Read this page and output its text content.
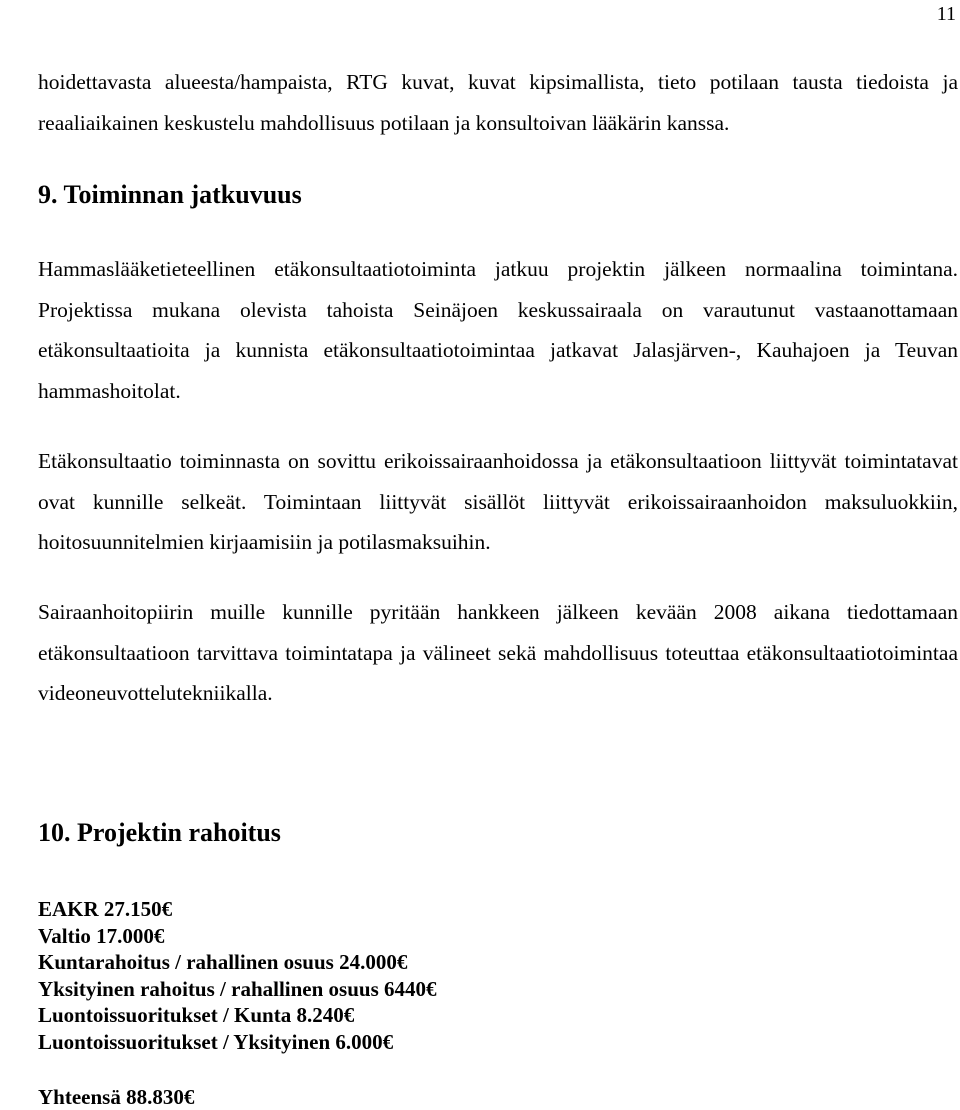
11

hoidettavasta alueesta/hampaista, RTG kuvat, kuvat kipsimallista, tieto potilaan tausta tiedoista ja reaaliaikainen keskustelu mahdollisuus potilaan ja konsultoivan lääkärin kanssa.

9. Toiminnan jatkuvuus

Hammaslääketieteellinen etäkonsultaatiotoiminta jatkuu projektin jälkeen normaalina toimintana. Projektissa mukana olevista tahoista Seinäjoen keskussairaala on varautunut vastaanottamaan etäkonsultaatioita ja kunnista etäkonsultaatiotoimintaa jatkavat Jalasjärven-, Kauhajoen ja Teuvan hammashoitolat.

Etäkonsultaatio toiminnasta on sovittu erikoissairaanhoidossa ja etäkonsultaatioon liittyvät toimintatavat ovat kunnille selkeät. Toimintaan liittyvät sisällöt liittyvät erikoissairaanhoidon maksuluokkiin, hoitosuunnitelmien kirjaamisiin ja potilasmaksuihin.

Sairaanhoitopiirin muille kunnille pyritään hankkeen jälkeen kevään 2008 aikana tiedottamaan etäkonsultaatioon tarvittava toimintatapa ja välineet sekä mahdollisuus toteuttaa etäkonsultaatiotoimintaa videoneuvottelutekniikalla.

10. Projektin rahoitus
EAKR 27.150€
Valtio 17.000€
Kuntarahoitus / rahallinen osuus 24.000€
Yksityinen rahoitus / rahallinen osuus 6440€
Luontoissuoritukset / Kunta 8.240€
Luontoissuoritukset / Yksityinen 6.000€
Yhteensä 88.830€
